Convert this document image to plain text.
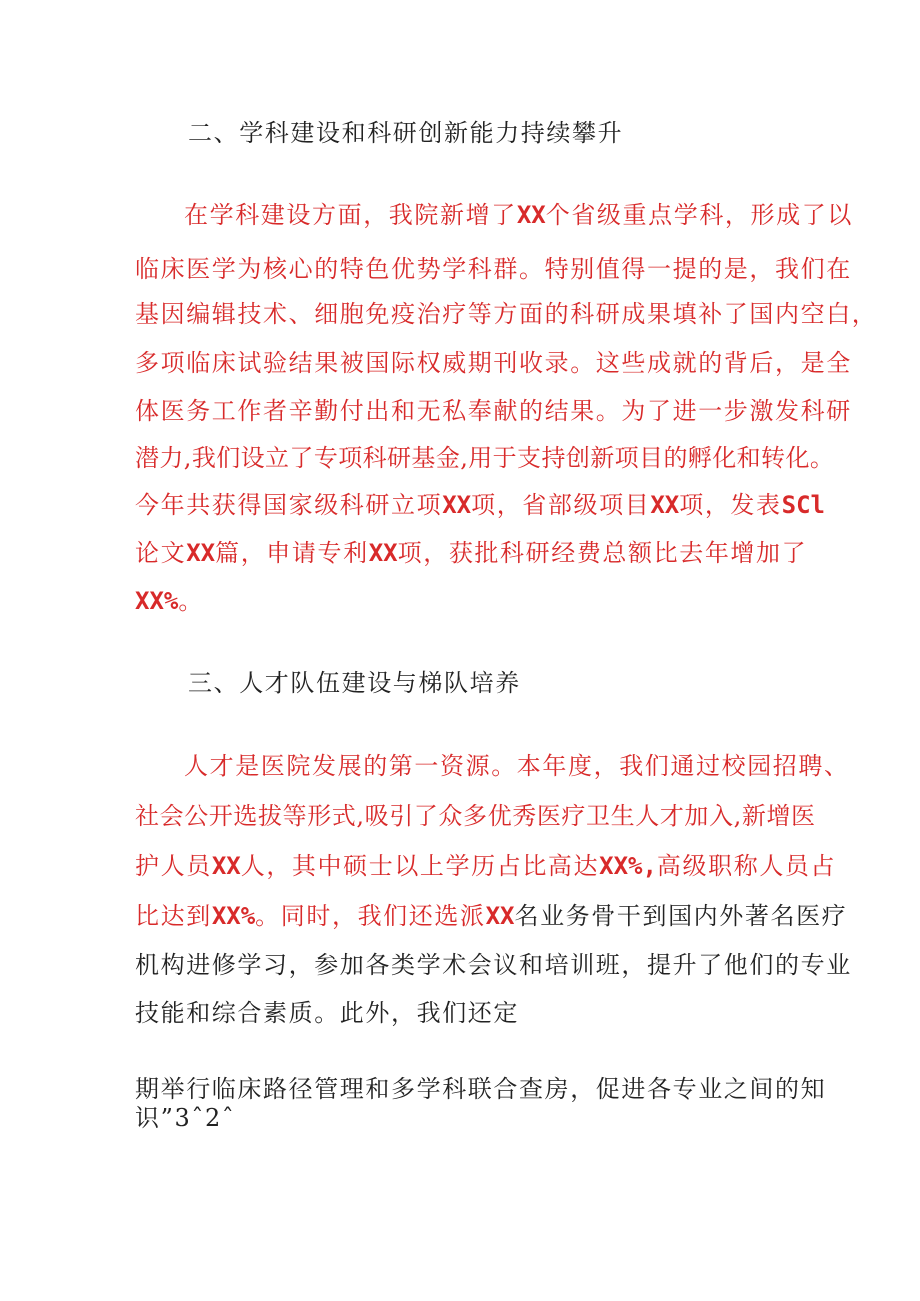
二、学科建设和科研创新能力持续攀升
在学科建设方面，我院新增了XX个省级重点学科，形成了以
临床医学为核心的特色优势学科群。特别值得一提的是，我们在
基因编辑技术、细胞免疫治疗等方面的科研成果填补了国内空白，
多项临床试验结果被国际权威期刊收录。这些成就的背后，是全
体医务工作者辛勤付出和无私奉献的结果。为了进一步激发科研
潜力,我们设立了专项科研基金,用于支持创新项目的孵化和转化。
今年共获得国家级科研立项XX项，省部级项目XX项，发表SCl
论文XX篇，申请专利XX项，获批科研经费总额比去年增加了
XX%。
三、人才队伍建设与梯队培养
人才是医院发展的第一资源。本年度，我们通过校园招聘、
社会公开选拔等形式,吸引了众多优秀医疗卫生人才加入,新增医
护人员XX人，其中硕士以上学历占比高达XX%,高级职称人员占
比达到XX%。同时，我们还选派XX名业务骨干到国内外著名医疗
机构进修学习，参加各类学术会议和培训班，提升了他们的专业
技能和综合素质。此外，我们还定
期举行临床路径管理和多学科联合查房，促进各专业之间的知
识”3ˆ2ˆ
